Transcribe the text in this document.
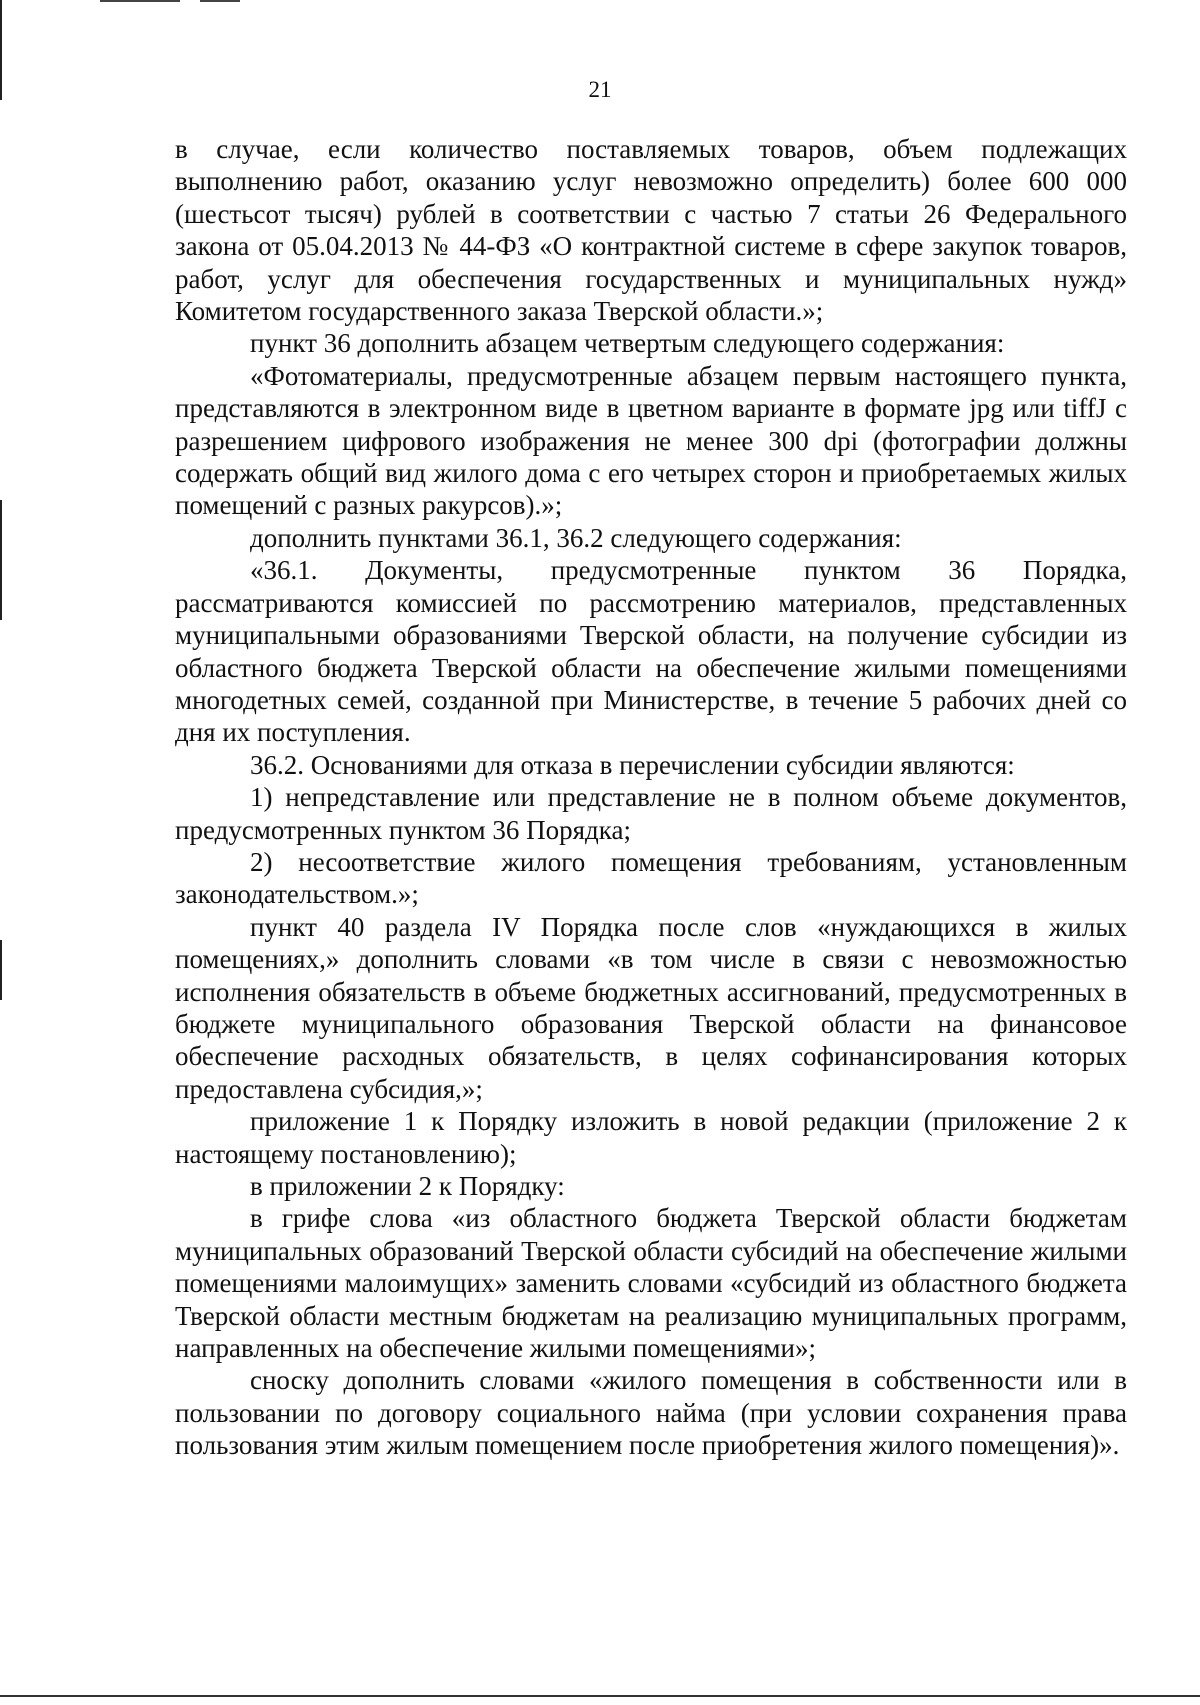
21

в случае, если количество поставляемых товаров, объем подлежащих выполнению работ, оказанию услуг невозможно определить) более 600 000 (шестьсот тысяч) рублей в соответствии с частью 7 статьи 26 Федерального закона от 05.04.2013 № 44-ФЗ «О контрактной системе в сфере закупок товаров, работ, услуг для обеспечения государственных и муниципальных нужд» Комитетом государственного заказа Тверской области.»;

пункт 36 дополнить абзацем четвертым следующего содержания:

«Фотоматериалы, предусмотренные абзацем первым настоящего пункта, представляются в электронном виде в цветном варианте в формате jpg или tiffJ с разрешением цифрового изображения не менее 300 dpi (фотографии должны содержать общий вид жилого дома с его четырех сторон и приобретаемых жилых помещений с разных ракурсов).»;

дополнить пунктами 36.1, 36.2 следующего содержания:

«36.1. Документы, предусмотренные пунктом 36 Порядка, рассматриваются комиссией по рассмотрению материалов, представленных муниципальными образованиями Тверской области, на получение субсидии из областного бюджета Тверской области на обеспечение жилыми помещениями многодетных семей, созданной при Министерстве, в течение 5 рабочих дней со дня их поступления.

36.2. Основаниями для отказа в перечислении субсидии являются:

1) непредставление или представление не в полном объеме документов, предусмотренных пунктом 36 Порядка;

2) несоответствие жилого помещения требованиям, установленным законодательством.»;

пункт 40 раздела IV Порядка после слов «нуждающихся в жилых помещениях,» дополнить словами «в том числе в связи с невозможностью исполнения обязательств в объеме бюджетных ассигнований, предусмотренных в бюджете муниципального образования Тверской области на финансовое обеспечение расходных обязательств, в целях софинансирования которых предоставлена субсидия,»;

приложение 1 к Порядку изложить в новой редакции (приложение 2 к настоящему постановлению);

в приложении 2 к Порядку:

в грифе слова «из областного бюджета Тверской области бюджетам муниципальных образований Тверской области субсидий на обеспечение жилыми помещениями малоимущих» заменить словами «субсидий из областного бюджета Тверской области местным бюджетам на реализацию муниципальных программ, направленных на обеспечение жилыми помещениями»;

сноску дополнить словами «жилого помещения в собственности или в пользовании по договору социального найма (при условии сохранения права пользования этим жилым помещением после приобретения жилого помещения)».
